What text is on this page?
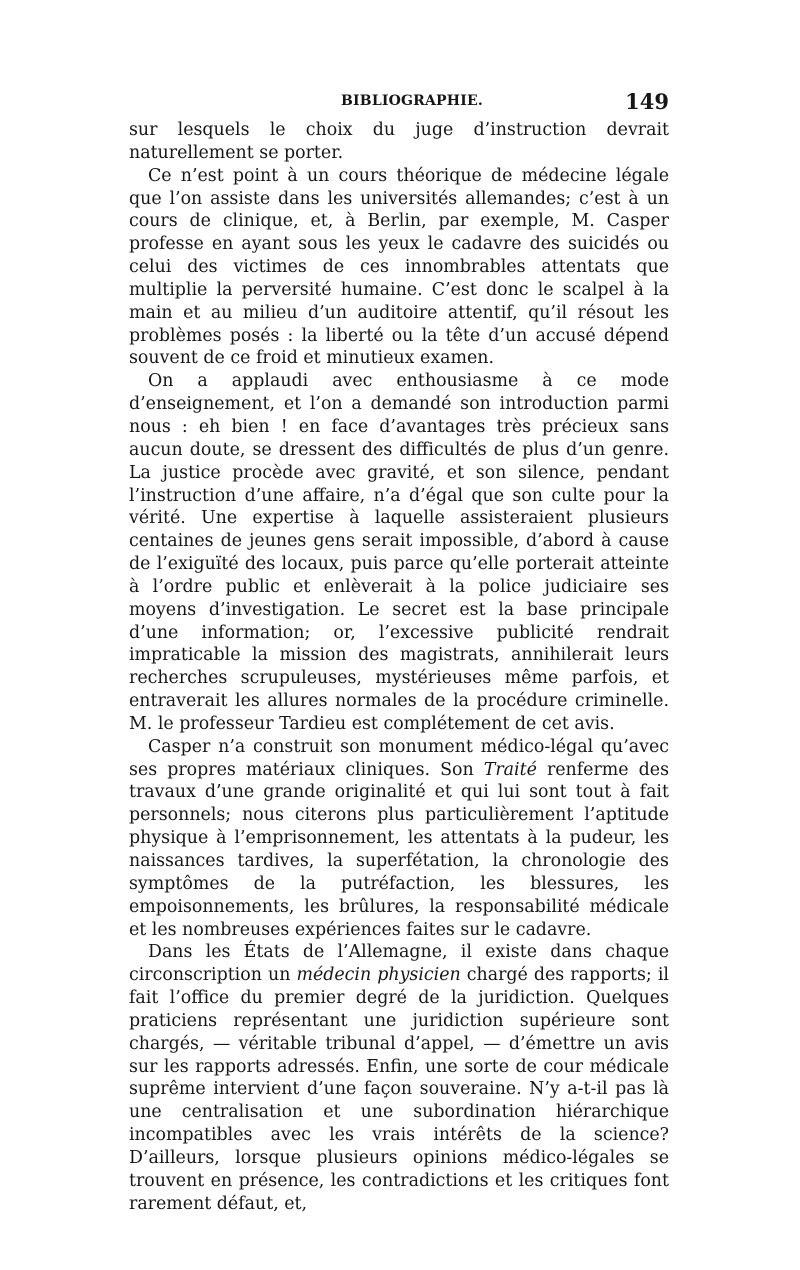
BIBLIOGRAPHIE.	149

sur lesquels le choix du juge d’instruction devrait naturellement se porter.

Ce n’est point à un cours théorique de médecine légale que l’on assiste dans les universités allemandes; c’est à un cours de clinique, et, à Berlin, par exemple, M. Casper professe en ayant sous les yeux le cadavre des suicidés ou celui des victimes de ces innombrables attentats que multiplie la perversité humaine. C’est donc le scalpel à la main et au milieu d’un auditoire attentif, qu’il résout les problèmes posés : la liberté ou la tête d’un accusé dépend souvent de ce froid et minutieux examen.

On a applaudi avec enthousiasme à ce mode d’enseignement, et l’on a demandé son introduction parmi nous : eh bien ! en face d’avantages très précieux sans aucun doute, se dressent des difficultés de plus d’un genre. La justice procède avec gravité, et son silence, pendant l’instruction d’une affaire, n’a d’égal que son culte pour la vérité. Une expertise à laquelle assisteraient plusieurs centaines de jeunes gens serait impossible, d’abord à cause de l’exiguïté des locaux, puis parce qu’elle porterait atteinte à l’ordre public et enlèverait à la police judiciaire ses moyens d’investigation. Le secret est la base principale d’une information; or, l’excessive publicité rendrait impraticable la mission des magistrats, annihilerait leurs recherches scrupuleuses, mystérieuses même parfois, et entraverait les allures normales de la procédure criminelle. M. le professeur Tardieu est complétement de cet avis.

Casper n’a construit son monument médico-légal qu’avec ses propres matériaux cliniques. Son Traité renferme des travaux d’une grande originalité et qui lui sont tout à fait personnels; nous citerons plus particulièrement l’aptitude physique à l’emprisonnement, les attentats à la pudeur, les naissances tardives, la superfétation, la chronologie des symptômes de la putréfaction, les blessures, les empoisonnements, les brûlures, la responsabilité médicale et les nombreuses expériences faites sur le cadavre.

Dans les États de l’Allemagne, il existe dans chaque circonscription un médecin physicien chargé des rapports; il fait l’office du premier degré de la juridiction. Quelques praticiens représentant une juridiction supérieure sont chargés, — véritable tribunal d’appel, — d’émettre un avis sur les rapports adressés. Enfin, une sorte de cour médicale suprême intervient d’une façon souveraine. N’y a-t-il pas là une centralisation et une subordination hiérarchique incompatibles avec les vrais intérêts de la science? D’ailleurs, lorsque plusieurs opinions médico-légales se trouvent en présence, les contradictions et les critiques font rarement défaut, et,
